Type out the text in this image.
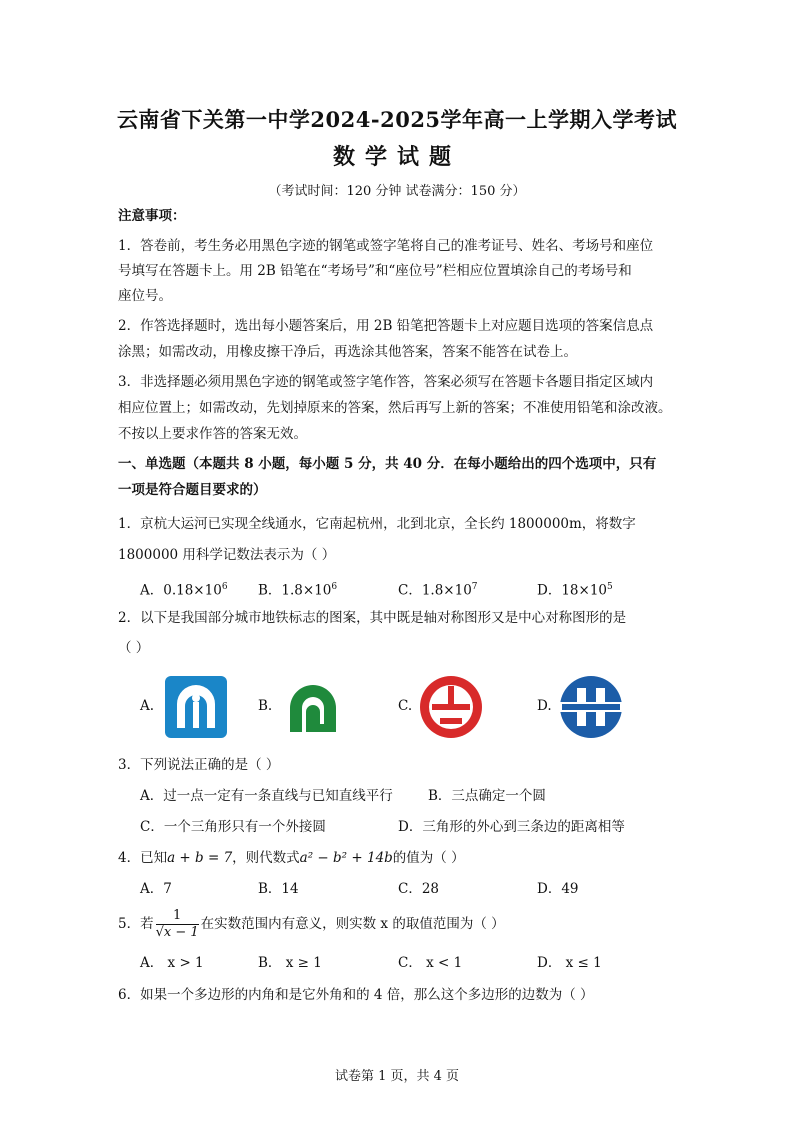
云南省下关第一中学2024-2025学年高一上学期入学考试
数学试题
（考试时间：120 分钟 试卷满分：150 分）
注意事项：
1．答卷前，考生务必用黑色字迹的钢笔或签字笔将自己的准考证号、姓名、考场号和座位
号填写在答题卡上。用 2B 铅笔在“考场号”和“座位号”栏相应位置填涂自己的考场号和
座位号。
2．作答选择题时，选出每小题答案后，用 2B 铅笔把答题卡上对应题目选项的答案信息点
涂黑；如需改动，用橡皮擦干净后，再选涂其他答案，答案不能答在试卷上。
3．非选择题必须用黑色字迹的钢笔或签字笔作答，答案必须写在答题卡各题目指定区域内
相应位置上；如需改动，先划掉原来的答案，然后再写上新的答案；不准使用铅笔和涂改液。
不按以上要求作答的答案无效。
一、单选题（本题共 8 小题，每小题 5 分，共 40 分．在每小题给出的四个选项中，只有
一项是符合题目要求的）
1．京杭大运河已实现全线通水，它南起杭州，北到北京，全长约 1800000m，将数字
1800000 用科学记数法表示为（ ）
A．$0.18\times 10^6$ B．$1.8\times 10^6$	C．$1.8\times 10^7$	D．$18\times 10^5$
2．以下是我国部分城市地铁标志的图案，其中既是轴对称图形又是中心对称图形的是
（ ）
A.	B.	C.	D.
3．下列说法正确的是（ ）
A．过一点一定有一条直线与已知直线平行	B．三点确定一个圆
C．一个三角形只有一个外接圆	D．三角形的外心到三条边的距离相等
4．已知a + b = 7，则代数式a² − b² + 14b的值为（ ）
A．7	B．14	C．28	D．49
5．若 $\frac{1}{√x - 1}$ 在实数范围内有意义，则实数 x 的取值范围为（ ）
A． x > 1	B． x ≥ 1	C． x < 1	D． x ≤ 1
6．如果一个多边形的内角和是它外角和的 4 倍，那么这个多边形的边数为（ ）
试卷第 1 页，共 4 页
